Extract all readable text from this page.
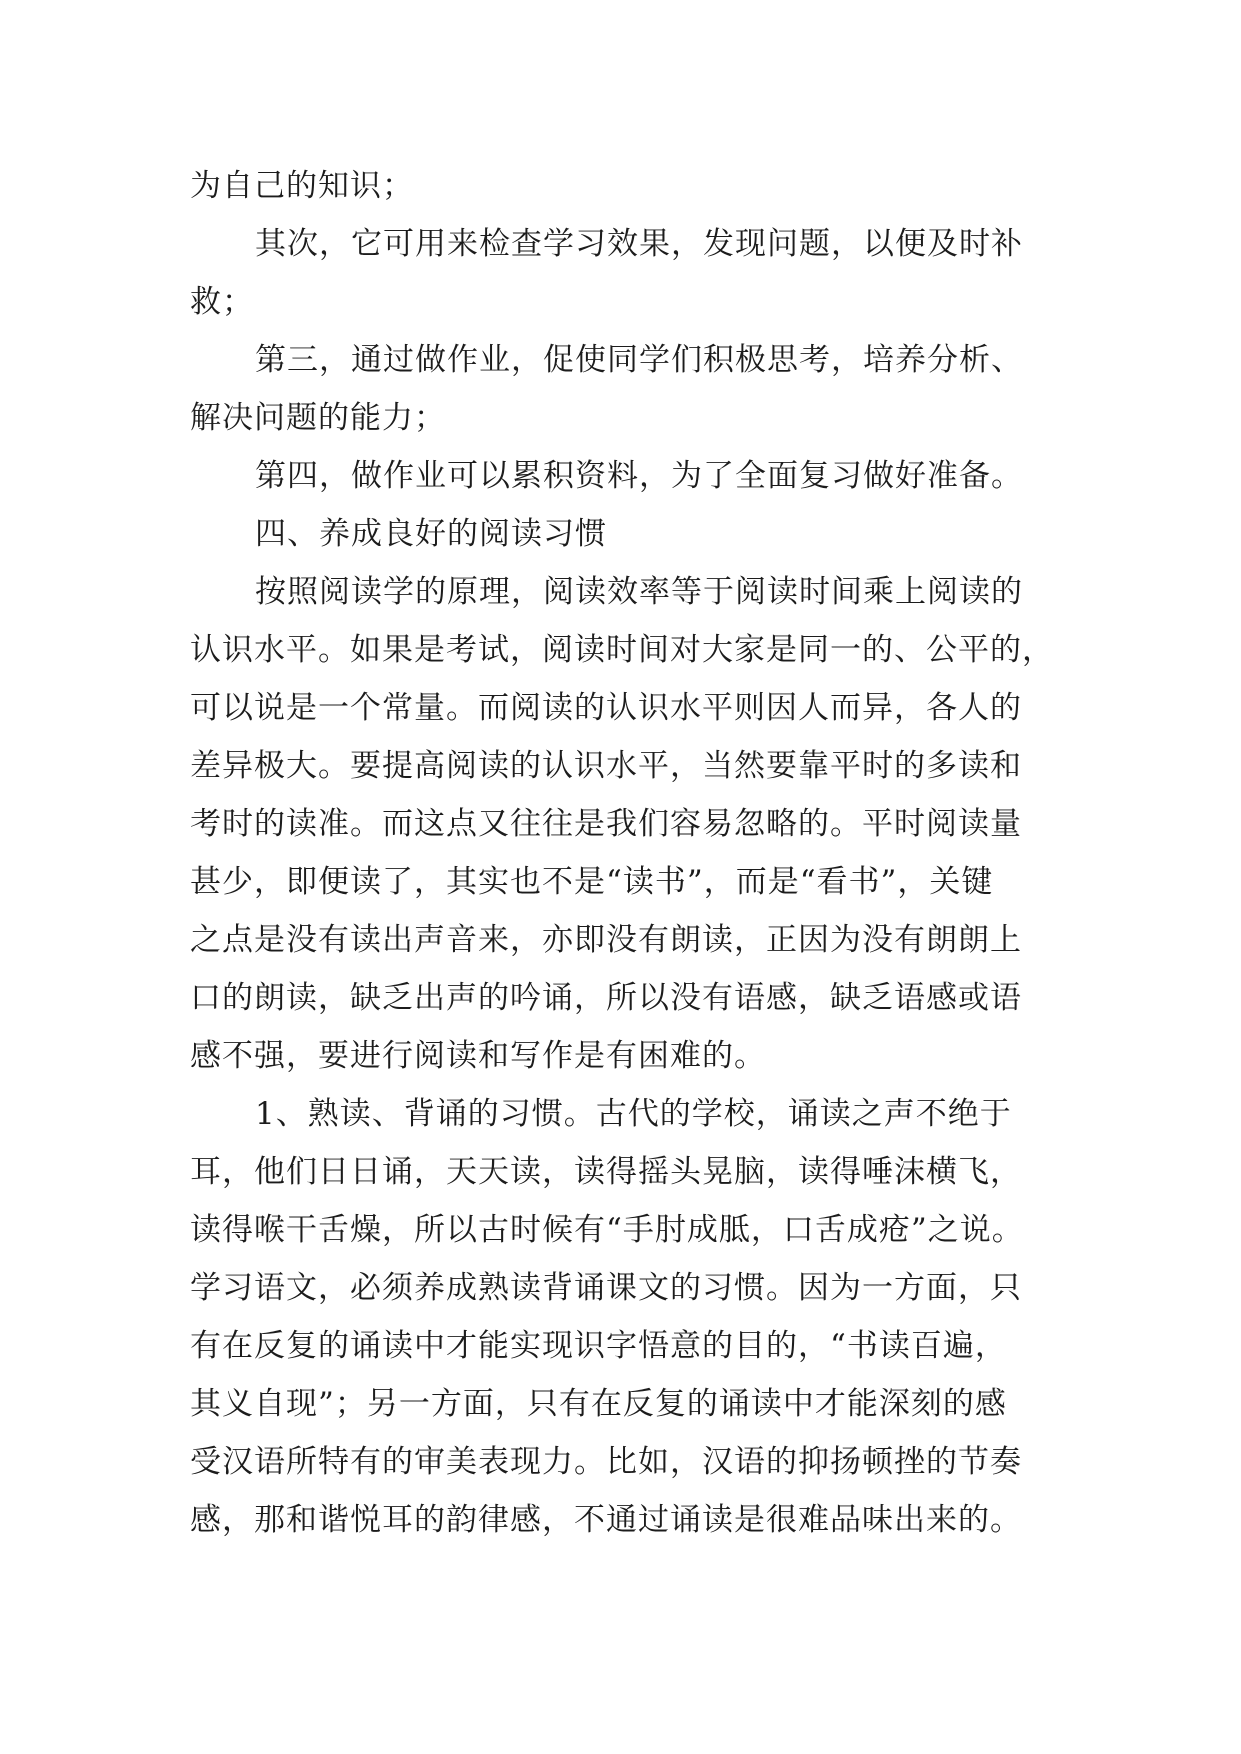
为自己的知识；
其次，它可用来检查学习效果，发现问题，以便及时补
救；
第三，通过做作业，促使同学们积极思考，培养分析、
解决问题的能力；
第四，做作业可以累积资料，为了全面复习做好准备。
四、养成良好的阅读习惯
按照阅读学的原理，阅读效率等于阅读时间乘上阅读的
认识水平。如果是考试，阅读时间对大家是同一的、公平的，
可以说是一个常量。而阅读的认识水平则因人而异，各人的
差异极大。要提高阅读的认识水平，当然要靠平时的多读和
考时的读准。而这点又往往是我们容易忽略的。平时阅读量
甚少，即便读了，其实也不是“读书”，而是“看书”，关键
之点是没有读出声音来，亦即没有朗读，正因为没有朗朗上
口的朗读，缺乏出声的吟诵，所以没有语感，缺乏语感或语
感不强，要进行阅读和写作是有困难的。
1、熟读、背诵的习惯。古代的学校，诵读之声不绝于
耳，他们日日诵，天天读，读得摇头晃脑，读得唾沫横飞，
读得喉干舌燥，所以古时候有“手肘成胝，口舌成疮”之说。
学习语文，必须养成熟读背诵课文的习惯。因为一方面，只
有在反复的诵读中才能实现识字悟意的目的，“书读百遍，
其义自现”；另一方面，只有在反复的诵读中才能深刻的感
受汉语所特有的审美表现力。比如，汉语的抑扬顿挫的节奏
感，那和谐悦耳的韵律感，不通过诵读是很难品味出来的。
